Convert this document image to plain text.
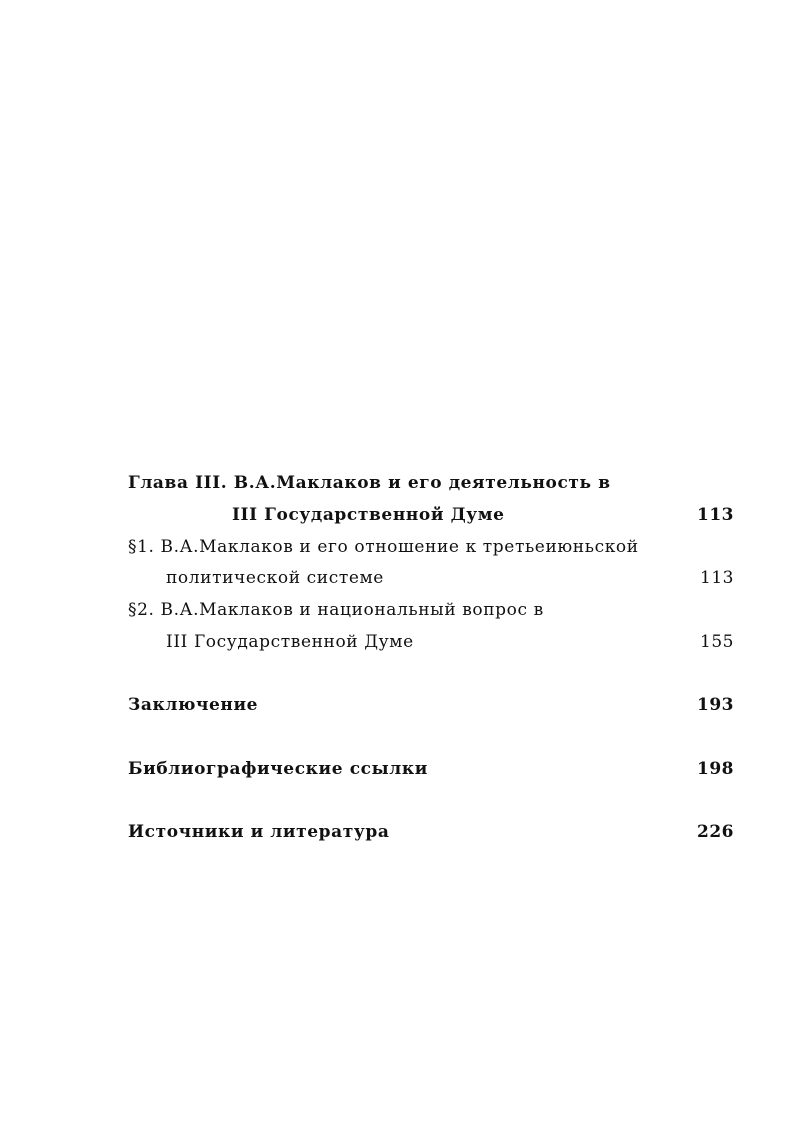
Глава III. В.А.Маклаков и его деятельность в
III Государственной Думе	113
§1. В.А.Маклаков и его отношение к третьеиюньской
политической системе	113
§2. В.А.Маклаков и национальный вопрос в
III Государственной Думе	155
Заключение	193
Библиографические ссылки	198
Источники и литература	226
